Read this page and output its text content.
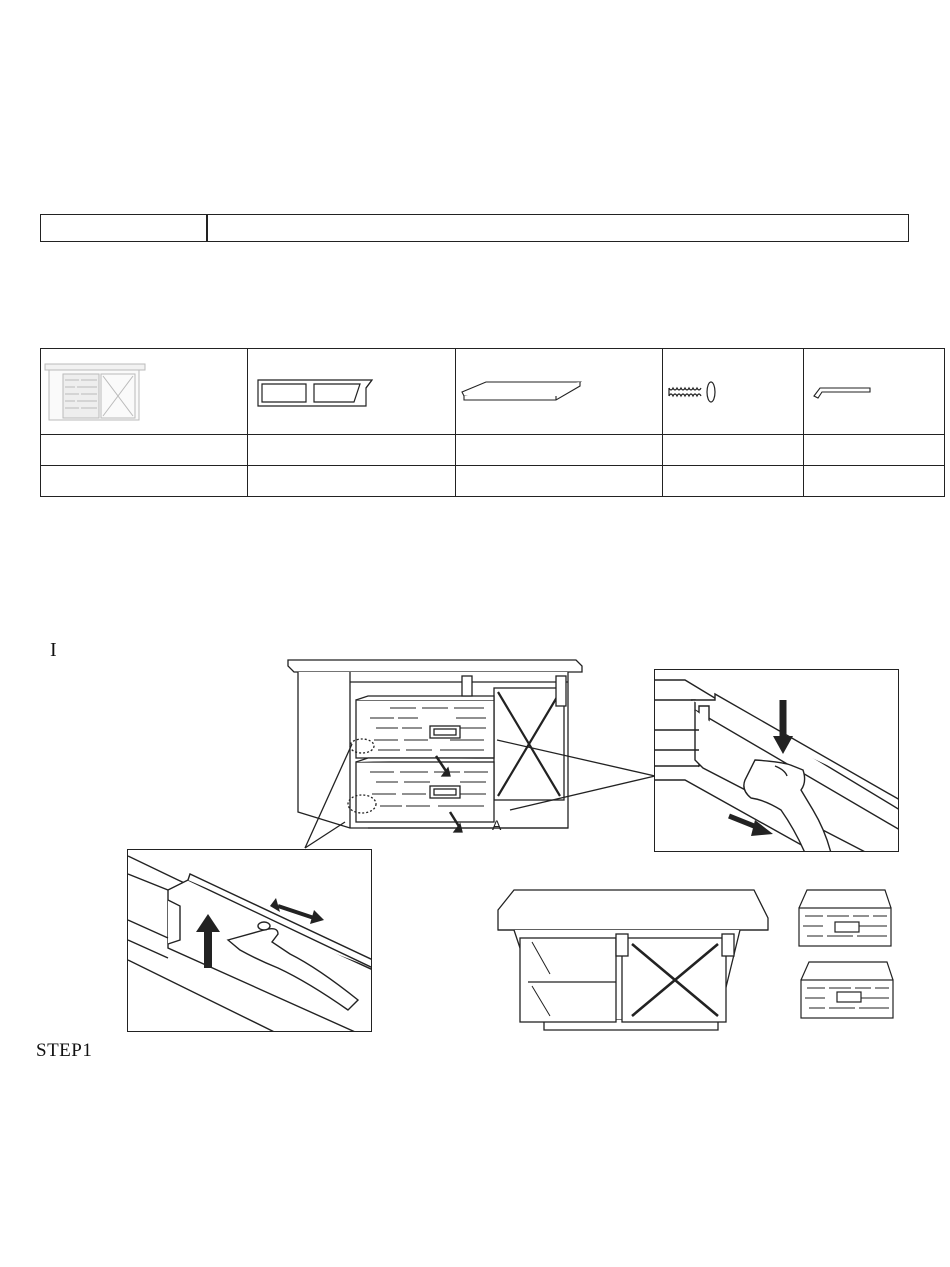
I
A
STEP1
